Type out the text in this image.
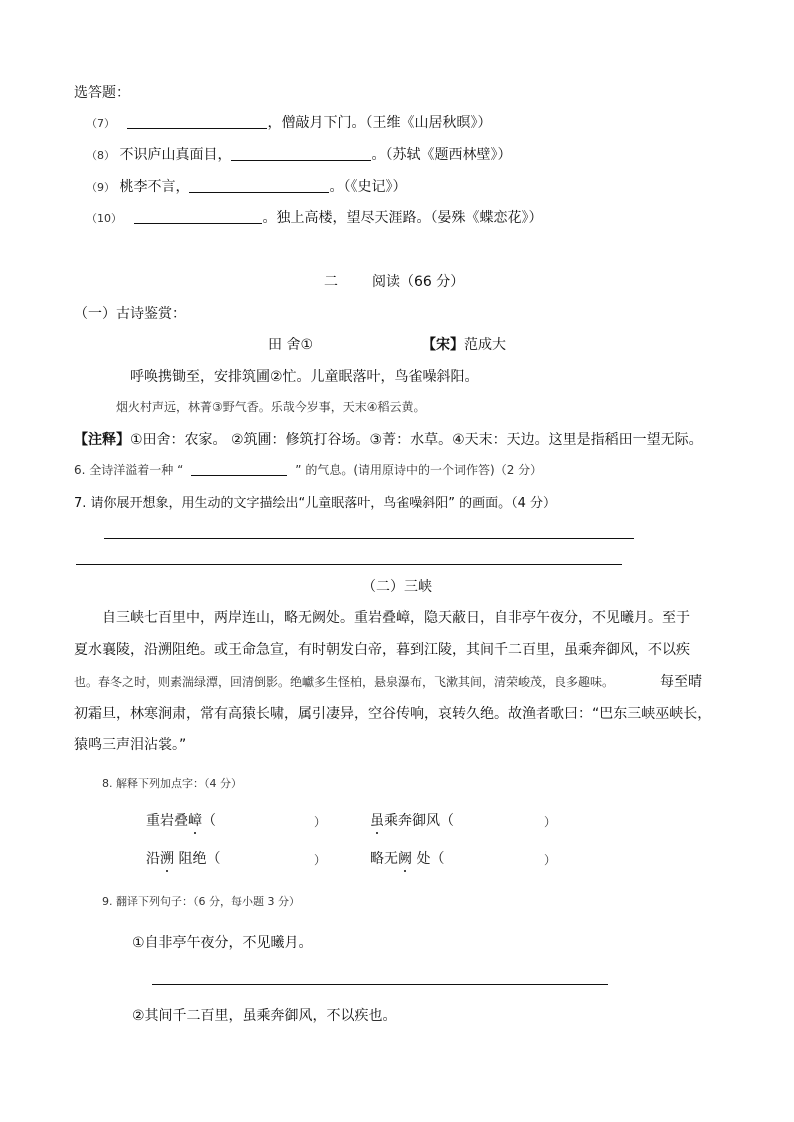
选答题：
（7）	，僧敲月下门。（王维《山居秋暝》）
（8） 不识庐山真面目，	。（苏轼《题西林壁》）
（9） 桃李不言，	。（《史记》）
（10）	。独上高楼，望尽天涯路。（晏殊《蝶恋花》）
二 阅读（66 分）
（一）古诗鉴赏：
田 舍①	【宋】范成大
呼唤携锄至，安排筑圃②忙。儿童眠落叶，鸟雀噪斜阳。
烟火村声远，林菁③野气香。乐哉今岁事，天末④稻云黄。
【注释】①田舍：农家。 ②筑圃：修筑打谷场。③菁：水草。④天末：天边。这里是指稻田一望无际。
6. 全诗洋溢着一种 “	” 的气息。(请用原诗中的一个词作答)（2 分）
7. 请你展开想象，用生动的文字描绘出“儿童眠落叶，鸟雀噪斜阳” 的画面。（4 分）
（二） 三峡
自三峡七百里中，两岸连山，略无阙处。重岩叠嶂，隐天蔽日，自非亭午夜分，不见曦月。至于
夏水襄陵，沿溯阻绝。或王命急宣，有时朝发白帝，暮到江陵，其间千二百里，虽乘奔御风，不以疾
也。春冬之时，则素湍绿潭，回清倒影。绝巘多生怪柏，悬泉瀑布，飞漱其间，清荣峻茂，良多趣味。	每至晴
初霜旦，林寒涧肃，常有高猿长啸，属引凄异，空谷传响，哀转久绝。故渔者歌曰：“巴东三峡巫峡长，
猿鸣三声泪沾裳。”
8. 解释下列加点字：（4 分）
重岩叠嶂（	）	虽乘奔御风（	）
沿溯 阻绝（	）	略无阙 处（	）
9. 翻译下列句子：（6 分，每小题 3 分）
①自非亭午夜分，不见曦月。
②其间千二百里，虽乘奔御风，不以疾也。
